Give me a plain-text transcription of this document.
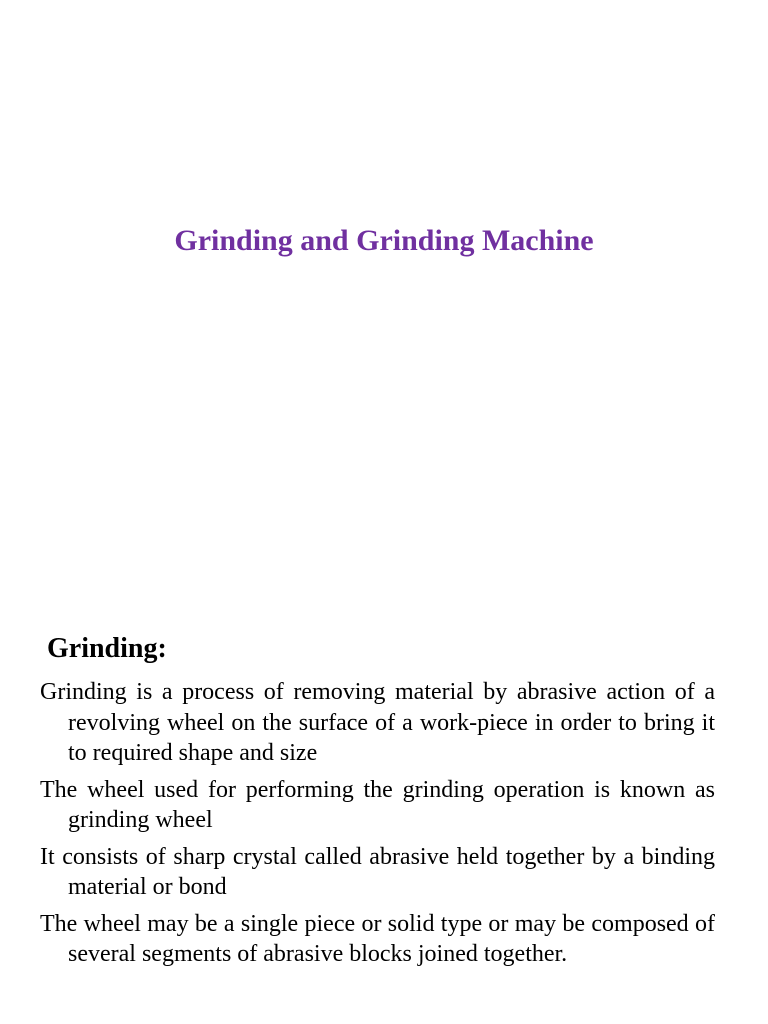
Grinding and Grinding Machine
Grinding:
Grinding is a process of removing material by abrasive action of a revolving wheel on the surface of a work-piece in order to bring it to required shape and size
The wheel used for performing the grinding operation is known as grinding wheel
It consists of sharp crystal called abrasive held together by a binding material or bond
The wheel may be a single piece or solid type or may be composed of several segments of abrasive blocks joined together.
